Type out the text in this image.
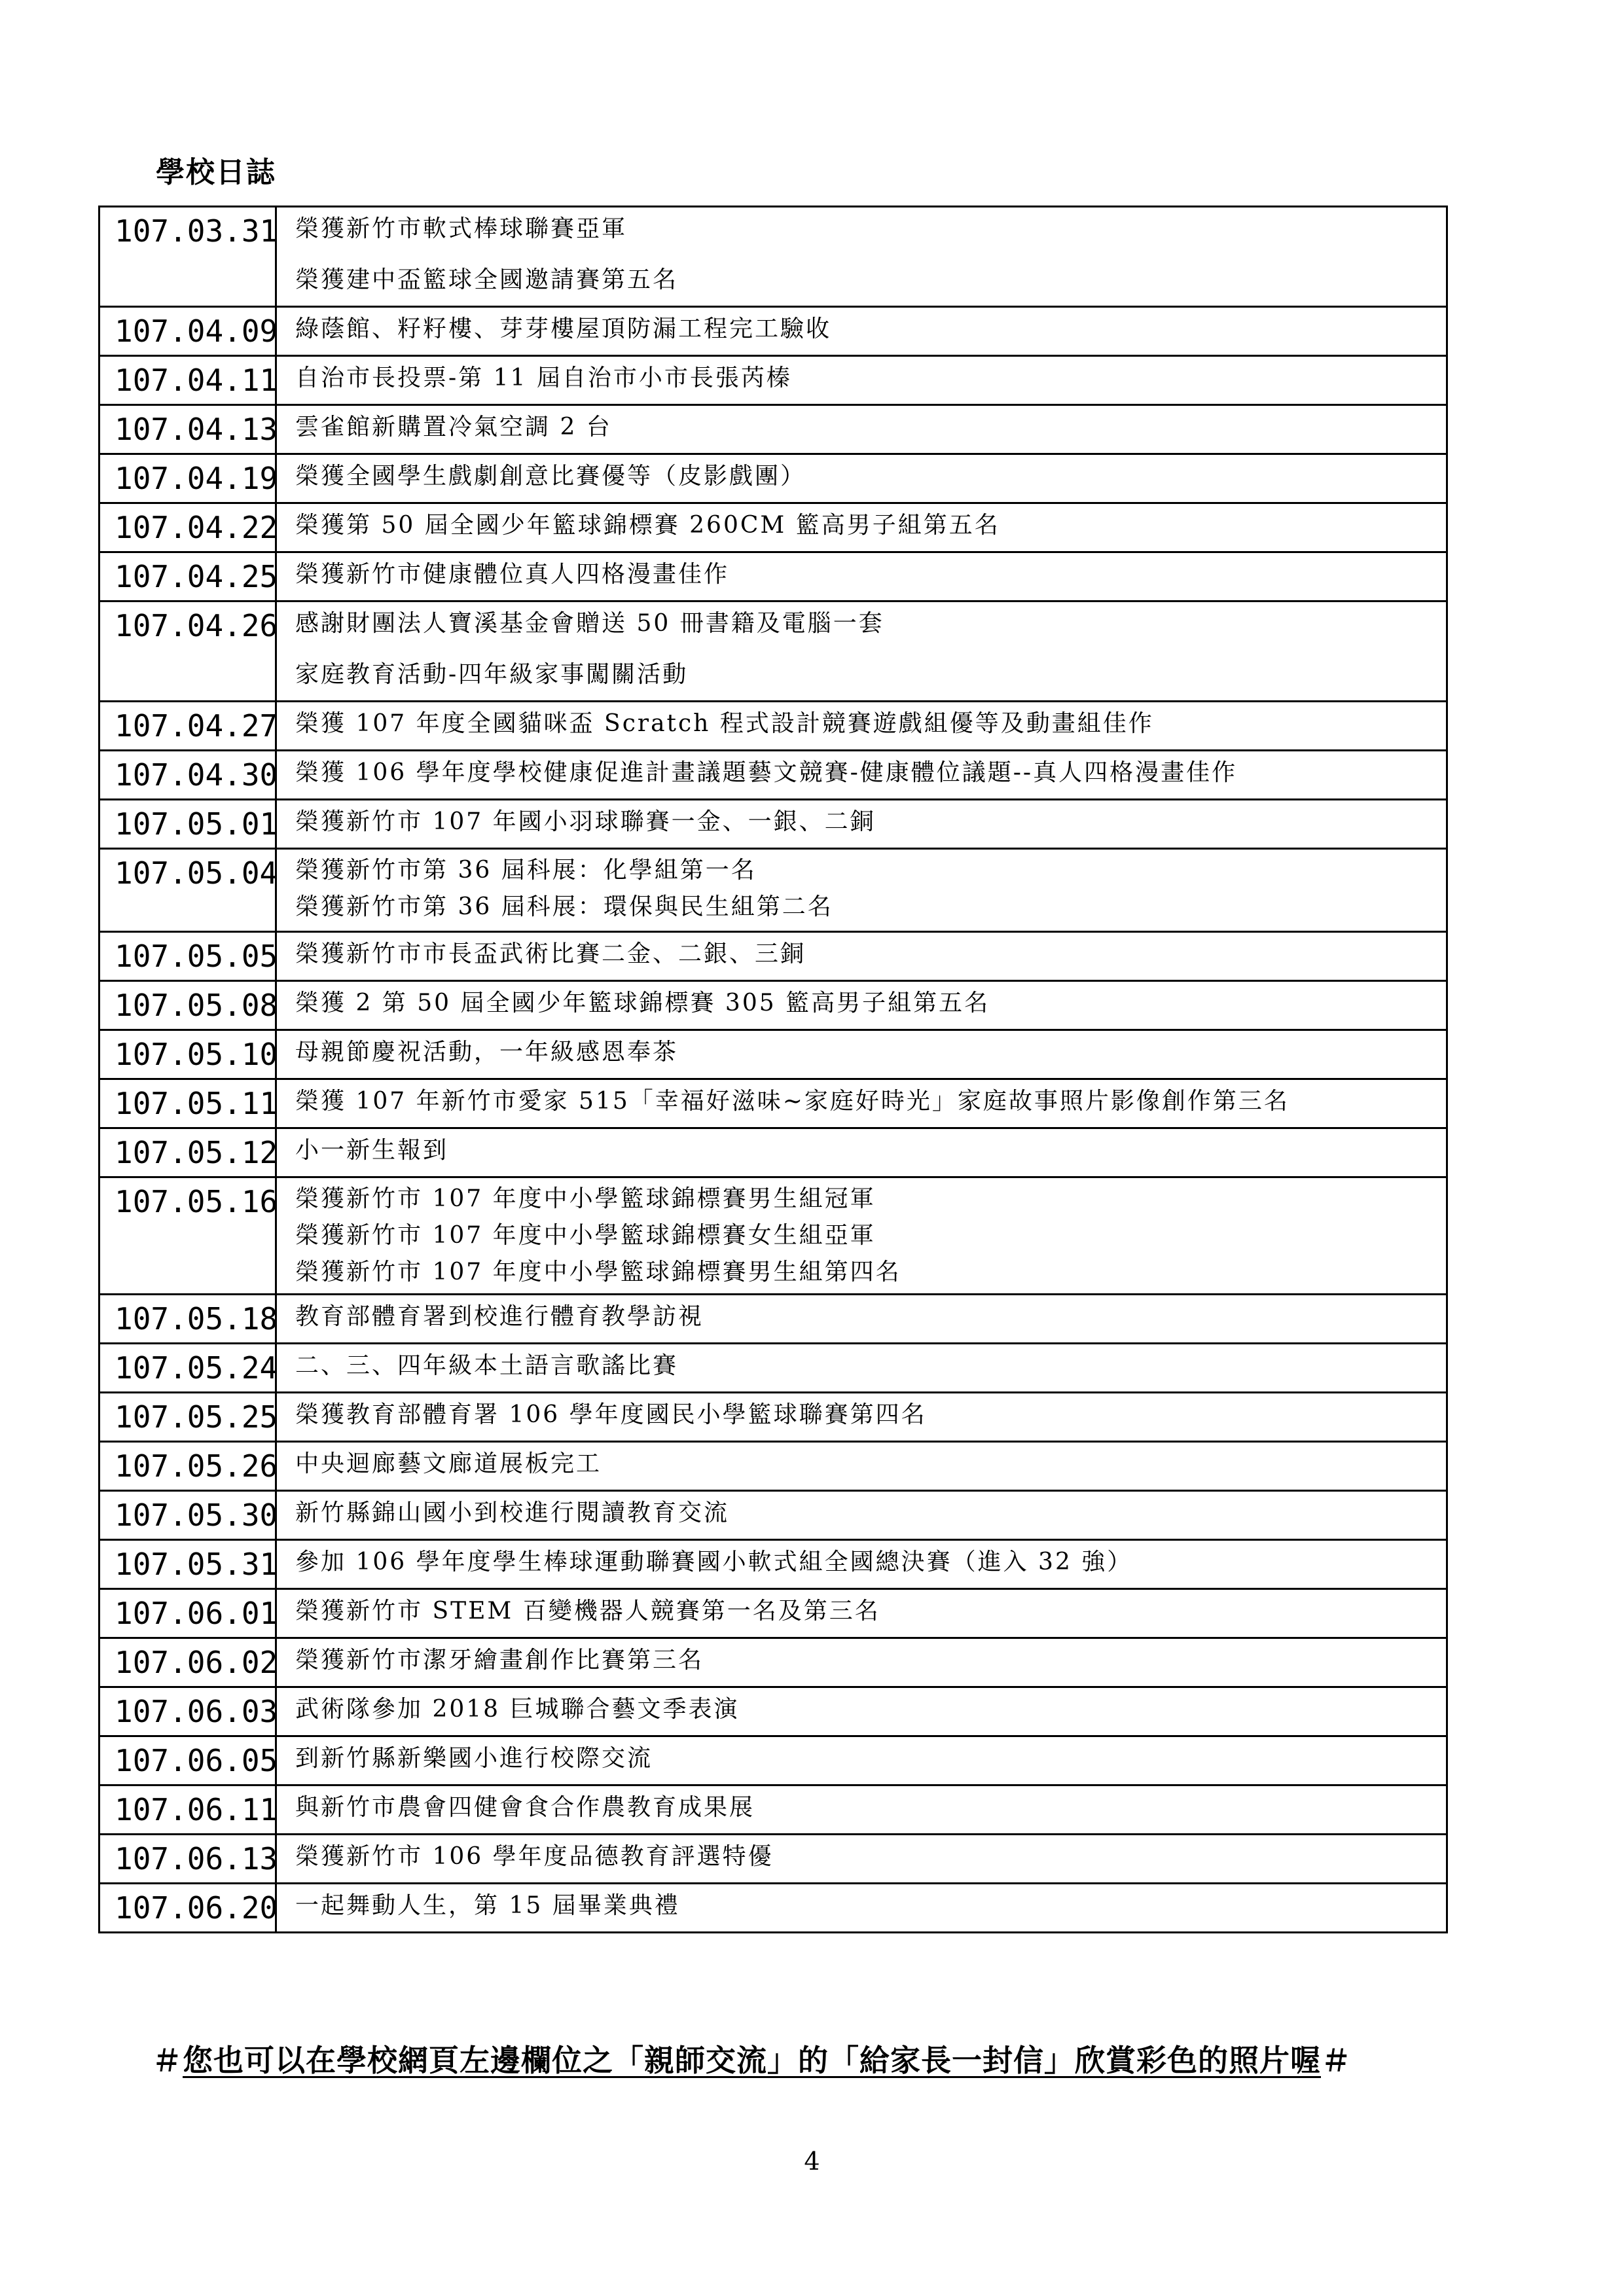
學校日誌
107.03.31	榮獲新竹市軟式棒球聯賽亞軍
榮獲建中盃籃球全國邀請賽第五名

107.04.09	綠蔭館、籽籽樓、芽芽樓屋頂防漏工程完工驗收

107.04.11	自治市長投票-第 11 屆自治市小市長張芮榛

107.04.13	雲雀館新購置冷氣空調 2 台

107.04.19	榮獲全國學生戲劇創意比賽優等（皮影戲團）

107.04.22	榮獲第 50 屆全國少年籃球錦標賽 260CM 籃高男子組第五名

107.04.25	榮獲新竹市健康體位真人四格漫畫佳作

107.04.26	感謝財團法人寶溪基金會贈送 50 冊書籍及電腦一套
家庭教育活動-四年級家事闖關活動

107.04.27	榮獲 107 年度全國貓咪盃 Scratch 程式設計競賽遊戲組優等及動畫組佳作

107.04.30	榮獲 106 學年度學校健康促進計畫議題藝文競賽-健康體位議題--真人四格漫畫佳作

107.05.01	榮獲新竹市 107 年國小羽球聯賽一金、一銀、二銅

107.05.04	榮獲新竹市第 36 屆科展：化學組第一名
榮獲新竹市第 36 屆科展：環保與民生組第二名

107.05.05	榮獲新竹市市長盃武術比賽二金、二銀、三銅

107.05.08	榮獲 2 第 50 屆全國少年籃球錦標賽 305 籃高男子組第五名

107.05.10	母親節慶祝活動，一年級感恩奉茶

107.05.11	榮獲 107 年新竹市愛家 515「幸福好滋味~家庭好時光」家庭故事照片影像創作第三名

107.05.12	小一新生報到

107.05.16	榮獲新竹市 107 年度中小學籃球錦標賽男生組冠軍
榮獲新竹市 107 年度中小學籃球錦標賽女生組亞軍
榮獲新竹市 107 年度中小學籃球錦標賽男生組第四名

107.05.18	教育部體育署到校進行體育教學訪視

107.05.24	二、三、四年級本土語言歌謠比賽

107.05.25	榮獲教育部體育署 106 學年度國民小學籃球聯賽第四名

107.05.26	中央迴廊藝文廊道展板完工

107.05.30	新竹縣錦山國小到校進行閱讀教育交流

107.05.31	參加 106 學年度學生棒球運動聯賽國小軟式組全國總決賽（進入 32 強）

107.06.01	榮獲新竹市 STEM 百變機器人競賽第一名及第三名

107.06.02	榮獲新竹市潔牙繪畫創作比賽第三名

107.06.03	武術隊參加 2018 巨城聯合藝文季表演

107.06.05	到新竹縣新樂國小進行校際交流

107.06.11	與新竹市農會四健會食合作農教育成果展

107.06.13	榮獲新竹市 106 學年度品德教育評選特優

107.06.20	一起舞動人生，第 15 屆畢業典禮
＃您也可以在學校網頁左邊欄位之「親師交流」的「給家長一封信」欣賞彩色的照片喔＃
4
